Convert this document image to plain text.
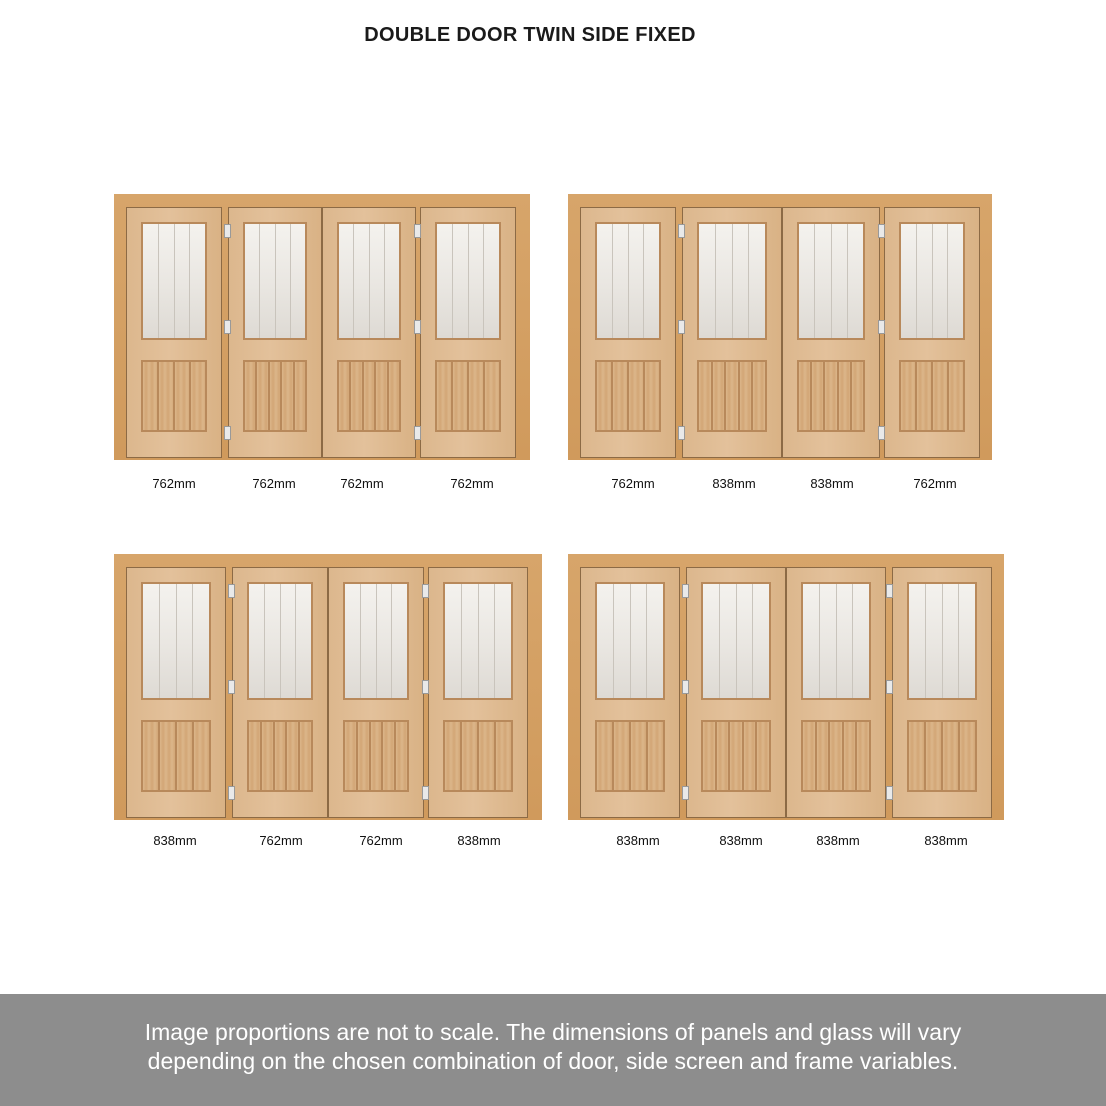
DOUBLE DOOR TWIN SIDE FIXED
762mm	762mm	762mm	762mm	762mm	838mm	838mm	762mm
838mm	762mm	762mm	838mm	838mm	838mm	838mm	838mm

Image proportions are not to scale. The dimensions of panels and glass will vary

depending on the chosen combination of door, side screen and frame variables.
